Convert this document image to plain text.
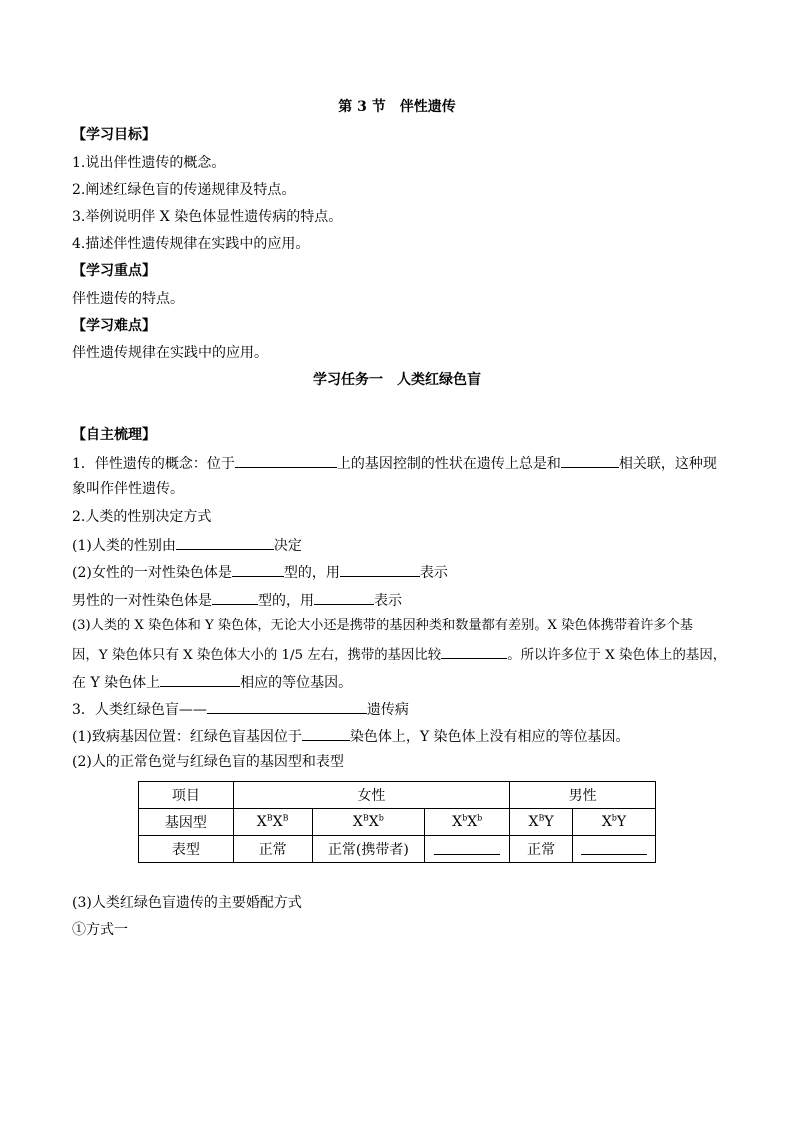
第 3 节　伴性遗传
【学习目标】
1.说出伴性遗传的概念。
2.阐述红绿色盲的传递规律及特点。
3.举例说明伴 X 染色体显性遗传病的特点。
4.描述伴性遗传规律在实践中的应用。
【学习重点】
伴性遗传的特点。
【学习难点】
伴性遗传规律在实践中的应用。
学习任务一　人类红绿色盲
【自主梳理】
1．伴性遗传的概念：位于	上的基因控制的性状在遗传上总是和	相关联，这种现
象叫作伴性遗传。
2.人类的性别决定方式
(1)人类的性别由	决定
(2)女性的一对性染色体是	型的，用	表示
男性的一对性染色体是	型的，用	表示
(3)人类的 X 染色体和 Y 染色体，无论大小还是携带的基因种类和数量都有差别。X 染色体携带着许多个基
因，Y 染色体只有 X 染色体大小的 1/5 左右，携带的基因比较	。所以许多位于 X 染色体上的基因，
在 Y 染色体上	相应的等位基因。
3．人类红绿色盲——	遗传病
(1)致病基因位置：红绿色盲基因位于	染色体上，Y 染色体上没有相应的等位基因。
(2)人的正常色觉与红绿色盲的基因型和表型
项目	女性			男性	
基因型	$X^BX^B$	$X^BX^b$	$X^bX^b$	$X^BY$	$X^bY$
表型	正常	正常(携带者)		正常	
(3)人类红绿色盲遗传的主要婚配方式
①方式一
